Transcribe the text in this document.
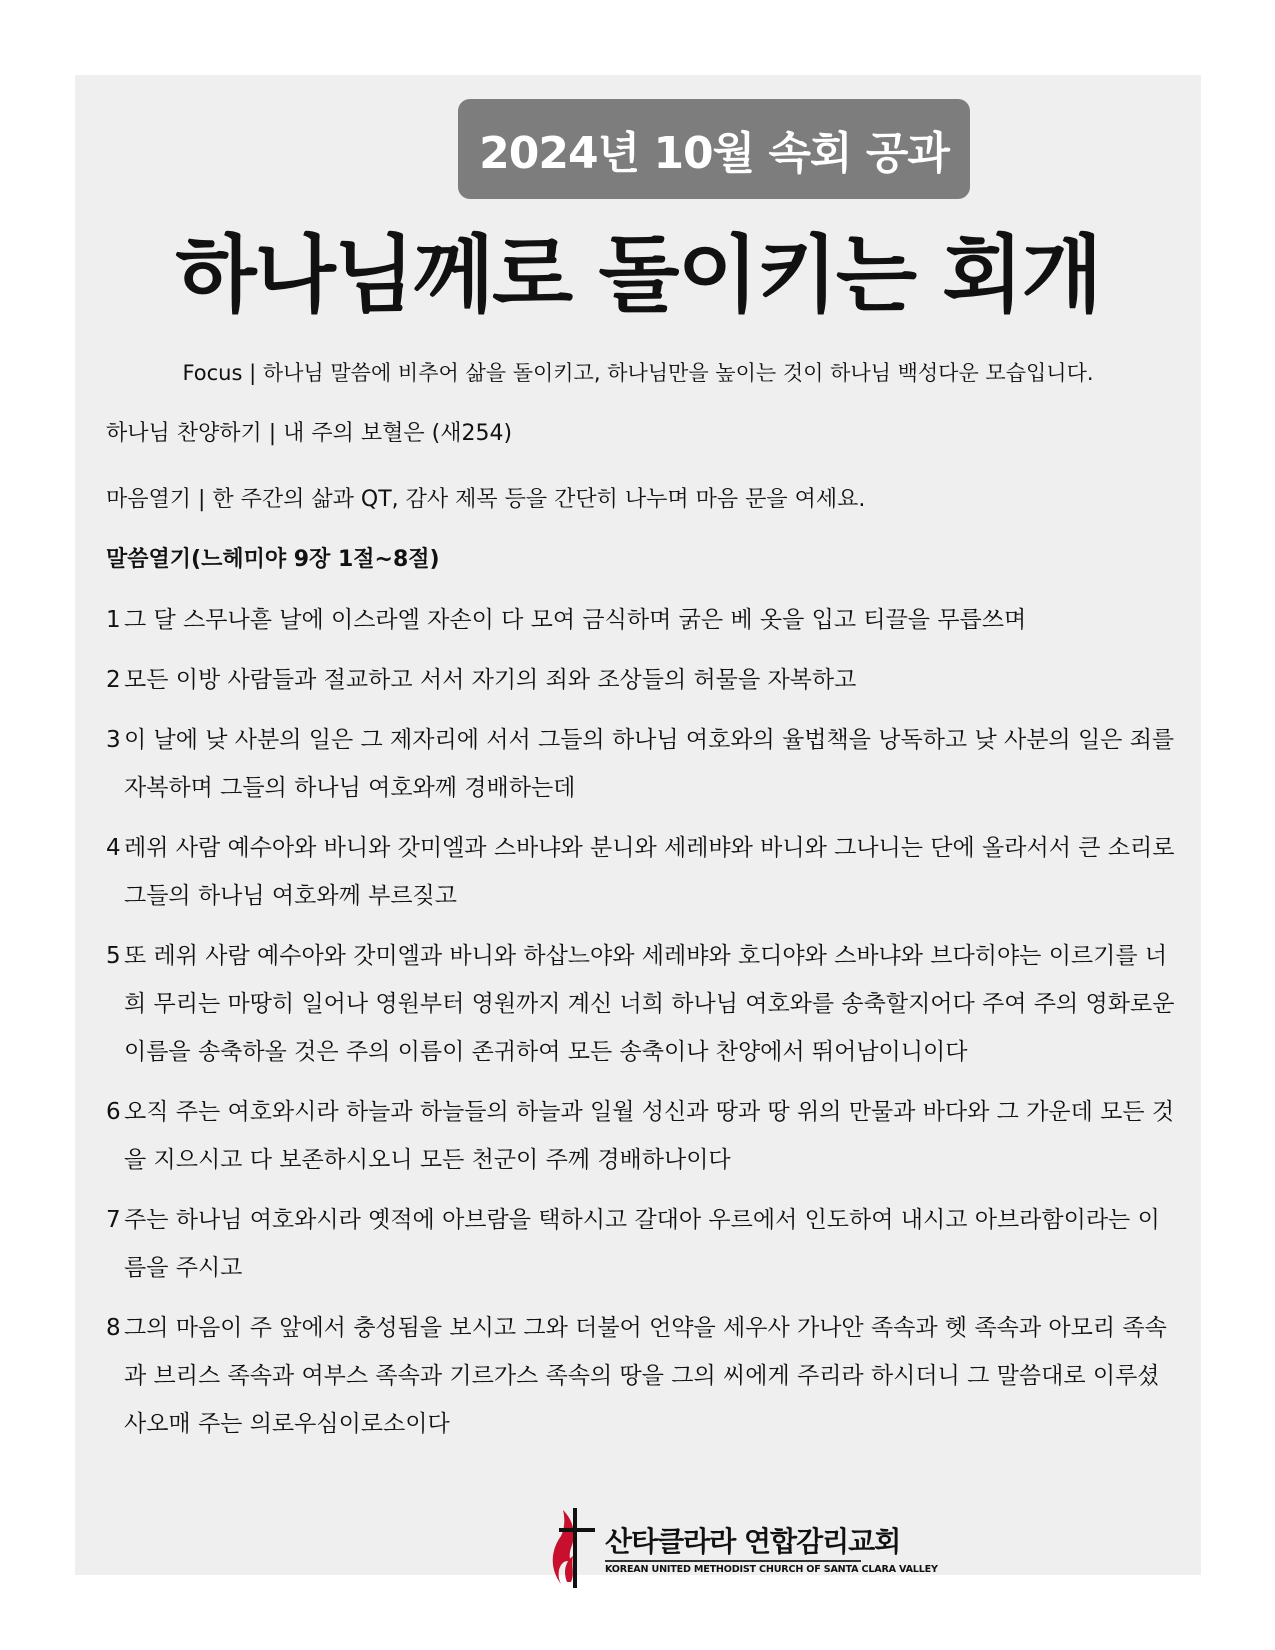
2024년 10월 속회 공과
하나님께로 돌이키는 회개
Focus | 하나님 말씀에 비추어 삶을 돌이키고, 하나님만을 높이는 것이 하나님 백성다운 모습입니다.
하나님 찬양하기 | 내 주의 보혈은 (새254)
마음열기 | 한 주간의 삶과 QT, 감사 제목 등을 간단히 나누며 마음 문을 여세요.
말씀열기(느헤미야 9장 1절~8절)
1 그 달 스무나흗 날에 이스라엘 자손이 다 모여 금식하며 굵은 베 옷을 입고 티끌을 무릅쓰며
2 모든 이방 사람들과 절교하고 서서 자기의 죄와 조상들의 허물을 자복하고
3 이 날에 낮 사분의 일은 그 제자리에 서서 그들의 하나님 여호와의 율법책을 낭독하고 낮 사분의 일은 죄를 자복하며 그들의 하나님 여호와께 경배하는데
4 레위 사람 예수아와 바니와 갓미엘과 스바냐와 분니와 세레뱌와 바니와 그나니는 단에 올라서서 큰 소리로 그들의 하나님 여호와께 부르짖고
5 또 레위 사람 예수아와 갓미엘과 바니와 하삽느야와 세레뱌와 호디야와 스바냐와 브다히야는 이르기를 너희 무리는 마땅히 일어나 영원부터 영원까지 계신 너희 하나님 여호와를 송축할지어다 주여 주의 영화로운 이름을 송축하올 것은 주의 이름이 존귀하여 모든 송축이나 찬양에서 뛰어남이니이다
6 오직 주는 여호와시라 하늘과 하늘들의 하늘과 일월 성신과 땅과 땅 위의 만물과 바다와 그 가운데 모든 것을 지으시고 다 보존하시오니 모든 천군이 주께 경배하나이다
7 주는 하나님 여호와시라 옛적에 아브람을 택하시고 갈대아 우르에서 인도하여 내시고 아브라함이라는 이름을 주시고
8 그의 마음이 주 앞에서 충성됨을 보시고 그와 더불어 언약을 세우사 가나안 족속과 헷 족속과 아모리 족속과 브리스 족속과 여부스 족속과 기르가스 족속의 땅을 그의 씨에게 주리라 하시더니 그 말씀대로 이루셨사오매 주는 의로우심이로소이다
산타클라라 연합감리교회
KOREAN UNITED METHODIST CHURCH OF SANTA CLARA VALLEY
